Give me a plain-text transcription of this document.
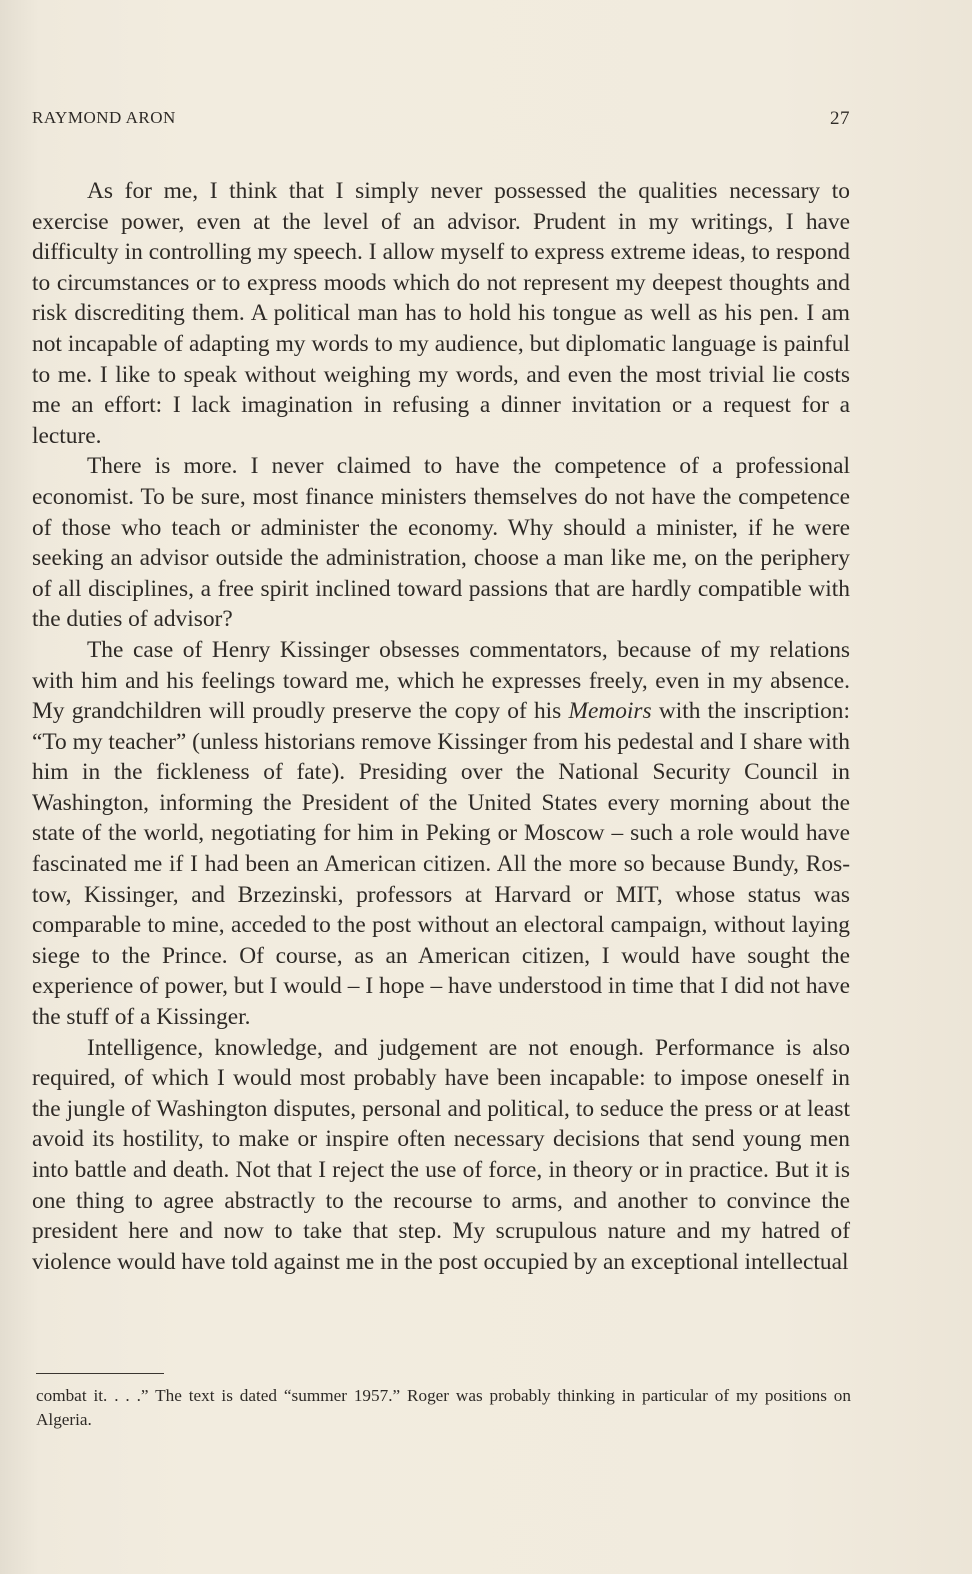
RAYMOND ARON	27

As for me, I think that I simply never possessed the qualities necessary to exercise power, even at the level of an advisor. Prudent in my writings, I have difficulty in controlling my speech. I allow myself to express extreme ideas, to respond to circumstances or to express moods which do not represent my deepest thoughts and risk discrediting them. A political man has to hold his tongue as well as his pen. I am not incapable of adapting my words to my audience, but diplomatic language is painful to me. I like to speak without weighing my words, and even the most trivial lie costs me an effort: I lack imagination in refusing a dinner invitation or a request for a lecture.

There is more. I never claimed to have the competence of a professional economist. To be sure, most finance ministers themselves do not have the competence of those who teach or administer the economy. Why should a minister, if he were seeking an advisor outside the administration, choose a man like me, on the periphery of all disciplines, a free spirit inclined toward passions that are hardly compatible with the duties of advisor?

The case of Henry Kissinger obsesses commentators, because of my relations with him and his feelings toward me, which he expresses freely, even in my absence. My grandchildren will proudly preserve the copy of his Memoirs with the inscription: “To my teacher” (unless historians remove Kissinger from his pedestal and I share with him in the fickleness of fate). Presiding over the National Security Council in Washington, informing the President of the United States every morning about the state of the world, negotiating for him in Peking or Moscow – such a role would have fascinated me if I had been an American citizen. All the more so because Bundy, Rostow, Kissinger, and Brzezinski, professors at Harvard or MIT, whose status was comparable to mine, acceded to the post without an electoral campaign, without laying siege to the Prince. Of course, as an American citizen, I would have sought the experience of power, but I would – I hope – have understood in time that I did not have the stuff of a Kissinger.

Intelligence, knowledge, and judgement are not enough. Performance is also required, of which I would most probably have been incapable: to impose oneself in the jungle of Washington disputes, personal and political, to seduce the press or at least avoid its hostility, to make or inspire often necessary decisions that send young men into battle and death. Not that I reject the use of force, in theory or in practice. But it is one thing to agree abstractly to the recourse to arms, and another to convince the president here and now to take that step. My scrupulous nature and my hatred of violence would have told against me in the post occupied by an exceptional intellectual

combat it. . . .” The text is dated “summer 1957.” Roger was probably thinking in particular of my positions on Algeria.
